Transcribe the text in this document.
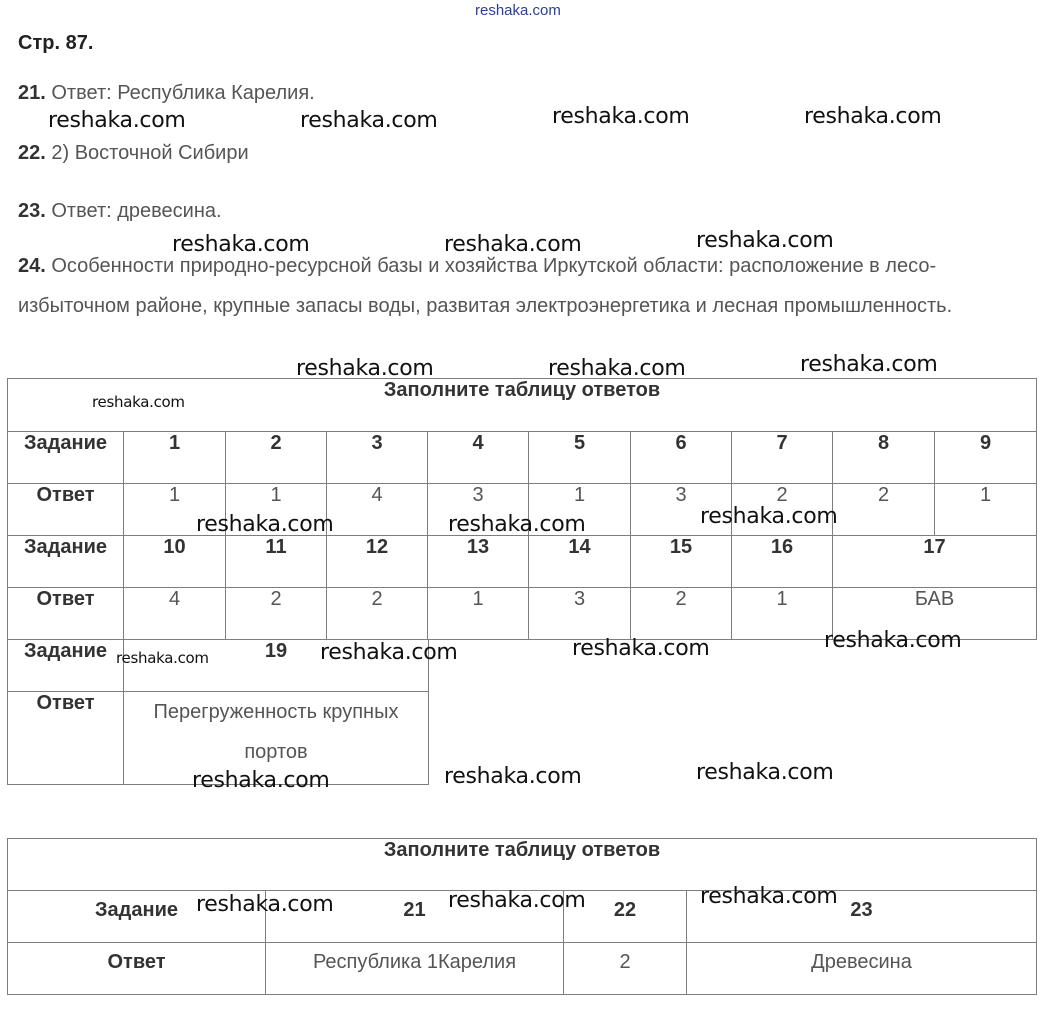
reshaka.com
Стр. 87.
21. Ответ: Республика Карелия.
22. 2) Восточной Сибири
23. Ответ: древесина.
24. Особенности природно-ресурсной базы и хозяйства Иркутской области: расположение в лесо-избыточном районе, крупные запасы воды, развитая электроэнергетика и лесная промышленность.
Заполните таблицу ответов									
Задание	1	2	3	4	5	6	7	8	9
Ответ	1	1	4	3	1	3	2	2	1
Задание	10	11	12	13	14	15	16	17	
Ответ	4	2	2	1	3	2	1	БАВ	
Задание	19
Ответ	Перегруженность крупных портов
Заполните таблицу ответов			
Задание	21	22	23
Ответ	Республика 1Карелия	2	Древесина
reshaka.com	reshaka.com	reshaka.com	reshaka.com
reshaka.com	reshaka.com	reshaka.com
reshaka.com	reshaka.com	reshaka.com
reshaka.com
reshaka.com	reshaka.com	reshaka.com
reshaka.com	reshaka.com	reshaka.com	reshaka.com
reshaka.com	reshaka.com	reshaka.com
reshaka.com	reshaka.com	reshaka.com
